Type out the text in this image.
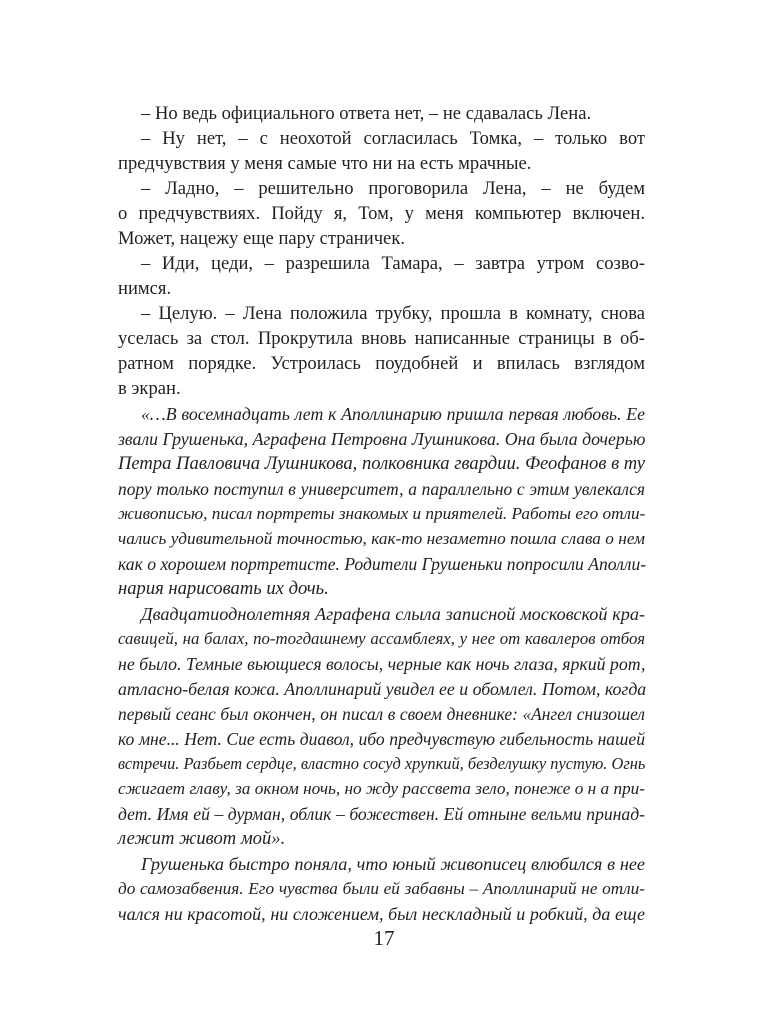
– Но ведь официального ответа нет, – не сдавалась Лена.
– Ну нет, – с неохотой согласилась Томка, – только вот
предчувствия у меня самые что ни на есть мрачные.
– Ладно, – решительно проговорила Лена, – не будем
о предчувствиях. Пойду я, Том, у меня компьютер включен.
Может, нацежу еще пару страничек.
– Иди, цеди, – разрешила Тамара, – завтра утром созво-
нимся.
– Целую. – Лена положила трубку, прошла в комнату, снова
уселась за стол. Прокрутила вновь написанные страницы в об-
ратном порядке. Устроилась поудобней и впилась взглядом
в экран.
«…В восемнадцать лет к Аполлинарию пришла первая любовь. Ее
звали Грушенька, Аграфена Петровна Лушникова. Она была дочерью
Петра Павловича Лушникова, полковника гвардии. Феофанов в ту
пору только поступил в университет, а параллельно с этим увлекался
живописью, писал портреты знакомых и приятелей. Работы его отли-
чались удивительной точностью, как-то незаметно пошла слава о нем
как о хорошем портретисте. Родители Грушеньки попросили Аполли-
нария нарисовать их дочь.
Двадцатиоднолетняя Аграфена слыла записной московской кра-
савицей, на балах, по-тогдашнему ассамблеях, у нее от кавалеров отбоя
не было. Темные вьющиеся волосы, черные как ночь глаза, яркий рот,
атласно-белая кожа. Аполлинарий увидел ее и обомлел. Потом, когда
первый сеанс был окончен, он писал в своем дневнике: «Ангел снизошел
ко мне... Нет. Сие есть диавол, ибо предчувствую гибельность нашей
встречи. Разбьет сердце, властно сосуд хрупкий, безделушку пустую. Огнь
сжигает главу, за окном ночь, но жду рассвета зело, понеже о н а при-
дет. Имя ей – дурман, облик – божествен. Ей отныне вельми принад-
лежит живот мой».
Грушенька быстро поняла, что юный живописец влюбился в нее
до самозабвения. Его чувства были ей забавны – Аполлинарий не отли-
чался ни красотой, ни сложением, был нескладный и робкий, да еще
17
